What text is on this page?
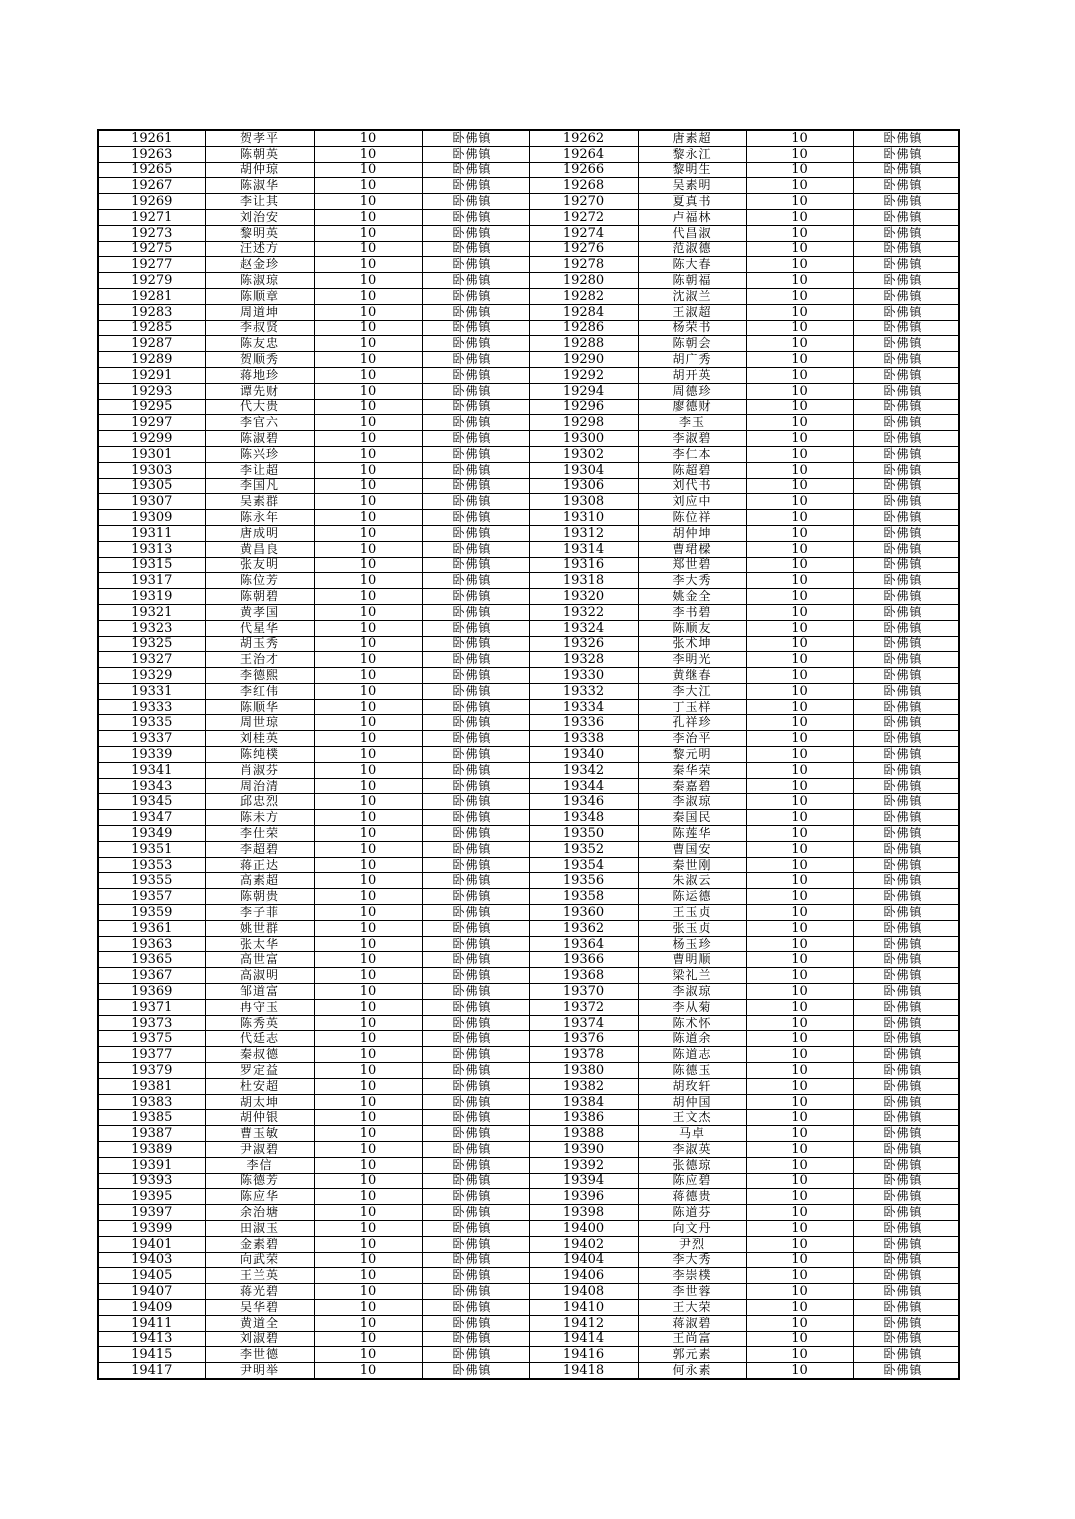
19261	贺孝平	10	卧佛镇	19262	唐素超	10	卧佛镇
19263	陈朝英	10	卧佛镇	19264	黎永江	10	卧佛镇
19265	胡仲琼	10	卧佛镇	19266	黎明生	10	卧佛镇
19267	陈淑华	10	卧佛镇	19268	吴素明	10	卧佛镇
19269	李让其	10	卧佛镇	19270	夏真书	10	卧佛镇
19271	刘治安	10	卧佛镇	19272	卢福林	10	卧佛镇
19273	黎明英	10	卧佛镇	19274	代昌淑	10	卧佛镇
19275	汪述方	10	卧佛镇	19276	范淑德	10	卧佛镇
19277	赵金珍	10	卧佛镇	19278	陈大春	10	卧佛镇
19279	陈淑琼	10	卧佛镇	19280	陈朝福	10	卧佛镇
19281	陈顺章	10	卧佛镇	19282	沈淑兰	10	卧佛镇
19283	周道坤	10	卧佛镇	19284	王淑超	10	卧佛镇
19285	李叔贤	10	卧佛镇	19286	杨荣书	10	卧佛镇
19287	陈友忠	10	卧佛镇	19288	陈朝会	10	卧佛镇
19289	贺顺秀	10	卧佛镇	19290	胡广秀	10	卧佛镇
19291	蒋地珍	10	卧佛镇	19292	胡开英	10	卧佛镇
19293	谭先财	10	卧佛镇	19294	周德珍	10	卧佛镇
19295	代大贵	10	卧佛镇	19296	廖德财	10	卧佛镇
19297	李官六	10	卧佛镇	19298	李玉	10	卧佛镇
19299	陈淑碧	10	卧佛镇	19300	李淑碧	10	卧佛镇
19301	陈兴珍	10	卧佛镇	19302	李仁本	10	卧佛镇
19303	李让超	10	卧佛镇	19304	陈超碧	10	卧佛镇
19305	李国凡	10	卧佛镇	19306	刘代书	10	卧佛镇
19307	吴素群	10	卧佛镇	19308	刘应中	10	卧佛镇
19309	陈永年	10	卧佛镇	19310	陈位祥	10	卧佛镇
19311	唐成明	10	卧佛镇	19312	胡仲坤	10	卧佛镇
19313	黄昌良	10	卧佛镇	19314	曹珺樑	10	卧佛镇
19315	张友明	10	卧佛镇	19316	郑世碧	10	卧佛镇
19317	陈位芳	10	卧佛镇	19318	李大秀	10	卧佛镇
19319	陈朝碧	10	卧佛镇	19320	姚金全	10	卧佛镇
19321	黄孝国	10	卧佛镇	19322	李书碧	10	卧佛镇
19323	代星华	10	卧佛镇	19324	陈顺友	10	卧佛镇
19325	胡玉秀	10	卧佛镇	19326	张术坤	10	卧佛镇
19327	王治才	10	卧佛镇	19328	李明光	10	卧佛镇
19329	李德熙	10	卧佛镇	19330	黄继春	10	卧佛镇
19331	李红伟	10	卧佛镇	19332	李大江	10	卧佛镇
19333	陈顺华	10	卧佛镇	19334	丁玉样	10	卧佛镇
19335	周世琼	10	卧佛镇	19336	孔祥珍	10	卧佛镇
19337	刘桂英	10	卧佛镇	19338	李治平	10	卧佛镇
19339	陈纯樸	10	卧佛镇	19340	黎元明	10	卧佛镇
19341	肖淑芬	10	卧佛镇	19342	秦华荣	10	卧佛镇
19343	周治清	10	卧佛镇	19344	秦嘉碧	10	卧佛镇
19345	邱忠烈	10	卧佛镇	19346	李淑琼	10	卧佛镇
19347	陈未方	10	卧佛镇	19348	秦国民	10	卧佛镇
19349	李仕荣	10	卧佛镇	19350	陈莲华	10	卧佛镇
19351	李超碧	10	卧佛镇	19352	曹国安	10	卧佛镇
19353	蒋正达	10	卧佛镇	19354	秦世刚	10	卧佛镇
19355	高素超	10	卧佛镇	19356	朱淑云	10	卧佛镇
19357	陈朝贵	10	卧佛镇	19358	陈运德	10	卧佛镇
19359	李子菲	10	卧佛镇	19360	王玉贞	10	卧佛镇
19361	姚世群	10	卧佛镇	19362	张玉贞	10	卧佛镇
19363	张太华	10	卧佛镇	19364	杨玉珍	10	卧佛镇
19365	高世富	10	卧佛镇	19366	曹明顺	10	卧佛镇
19367	高淑明	10	卧佛镇	19368	梁礼兰	10	卧佛镇
19369	邹道富	10	卧佛镇	19370	李淑琼	10	卧佛镇
19371	冉守玉	10	卧佛镇	19372	李从菊	10	卧佛镇
19373	陈秀英	10	卧佛镇	19374	陈术怀	10	卧佛镇
19375	代廷志	10	卧佛镇	19376	陈道余	10	卧佛镇
19377	秦叔德	10	卧佛镇	19378	陈道志	10	卧佛镇
19379	罗定益	10	卧佛镇	19380	陈德玉	10	卧佛镇
19381	杜安超	10	卧佛镇	19382	胡玫轩	10	卧佛镇
19383	胡太坤	10	卧佛镇	19384	胡仲国	10	卧佛镇
19385	胡仲银	10	卧佛镇	19386	王文杰	10	卧佛镇
19387	曹玉敏	10	卧佛镇	19388	马卓	10	卧佛镇
19389	尹淑碧	10	卧佛镇	19390	李淑英	10	卧佛镇
19391	李信	10	卧佛镇	19392	张德琼	10	卧佛镇
19393	陈德芳	10	卧佛镇	19394	陈应碧	10	卧佛镇
19395	陈应华	10	卧佛镇	19396	蒋德贵	10	卧佛镇
19397	余治塘	10	卧佛镇	19398	陈道芬	10	卧佛镇
19399	田淑玉	10	卧佛镇	19400	向文丹	10	卧佛镇
19401	金素碧	10	卧佛镇	19402	尹烈	10	卧佛镇
19403	向武荣	10	卧佛镇	19404	李大秀	10	卧佛镇
19405	王兰英	10	卧佛镇	19406	李崇樸	10	卧佛镇
19407	蒋光碧	10	卧佛镇	19408	李世蓉	10	卧佛镇
19409	吴华碧	10	卧佛镇	19410	王大荣	10	卧佛镇
19411	黄道全	10	卧佛镇	19412	蒋淑碧	10	卧佛镇
19413	刘淑碧	10	卧佛镇	19414	王尚富	10	卧佛镇
19415	李世德	10	卧佛镇	19416	郭元素	10	卧佛镇
19417	尹明举	10	卧佛镇	19418	何永素	10	卧佛镇
